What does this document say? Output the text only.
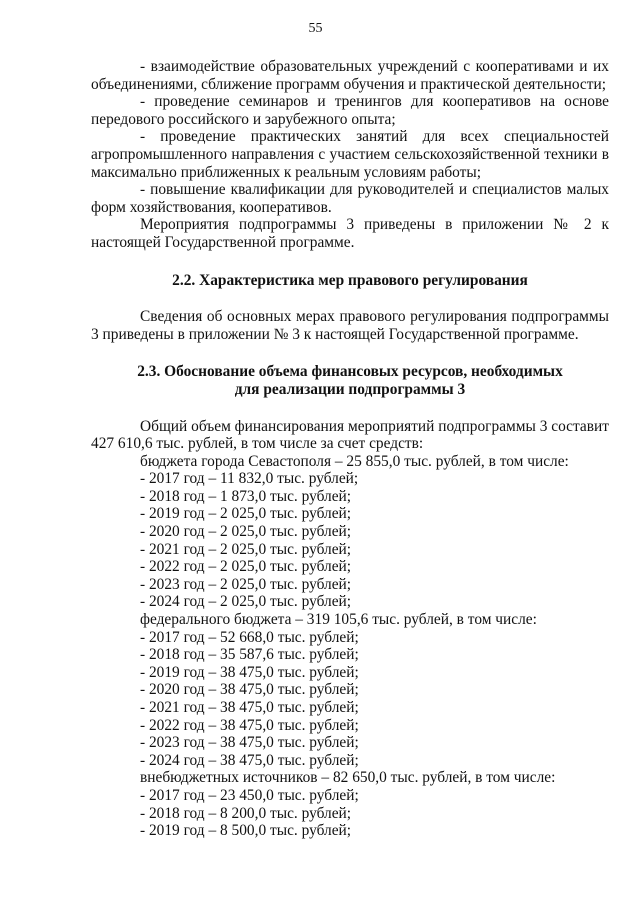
55

- взаимодействие образовательных учреждений с кооперативами и их объединениями, сближение программ обучения и практической деятельности;

- проведение семинаров и тренингов для кооперативов на основе передового российского и зарубежного опыта;

- проведение практических занятий для всех специальностей агропромышленного направления с участием сельскохозяйственной техники в максимально приближенных к реальным условиям работы;

- повышение квалификации для руководителей и специалистов малых форм хозяйствования, кооперативов.

Мероприятия подпрограммы 3 приведены в приложении № 2 к настоящей Государственной программе.

2.2. Характеристика мер правового регулирования

Сведения об основных мерах правового регулирования подпрограммы 3 приведены в приложении № 3 к настоящей Государственной программе.

2.3. Обоснование объема финансовых ресурсов, необходимых

для реализации подпрограммы 3

Общий объем финансирования мероприятий подпрограммы 3 составит 427 610,6 тыс. рублей, в том числе за счет средств:

бюджета города Севастополя – 25 855,0 тыс. рублей, в том числе:

- 2017 год – 11 832,0 тыс. рублей;

- 2018 год – 1 873,0 тыс. рублей;

- 2019 год – 2 025,0 тыс. рублей;

- 2020 год – 2 025,0 тыс. рублей;

- 2021 год – 2 025,0 тыс. рублей;

- 2022 год – 2 025,0 тыс. рублей;

- 2023 год – 2 025,0 тыс. рублей;

- 2024 год – 2 025,0 тыс. рублей;

федерального бюджета – 319 105,6 тыс. рублей, в том числе:

- 2017 год – 52 668,0 тыс. рублей;

- 2018 год – 35 587,6 тыс. рублей;

- 2019 год – 38 475,0 тыс. рублей;

- 2020 год – 38 475,0 тыс. рублей;

- 2021 год – 38 475,0 тыс. рублей;

- 2022 год – 38 475,0 тыс. рублей;

- 2023 год – 38 475,0 тыс. рублей;

- 2024 год – 38 475,0 тыс. рублей;

внебюджетных источников – 82 650,0 тыс. рублей, в том числе:

- 2017 год – 23 450,0 тыс. рублей;

- 2018 год – 8 200,0 тыс. рублей;

- 2019 год – 8 500,0 тыс. рублей;
